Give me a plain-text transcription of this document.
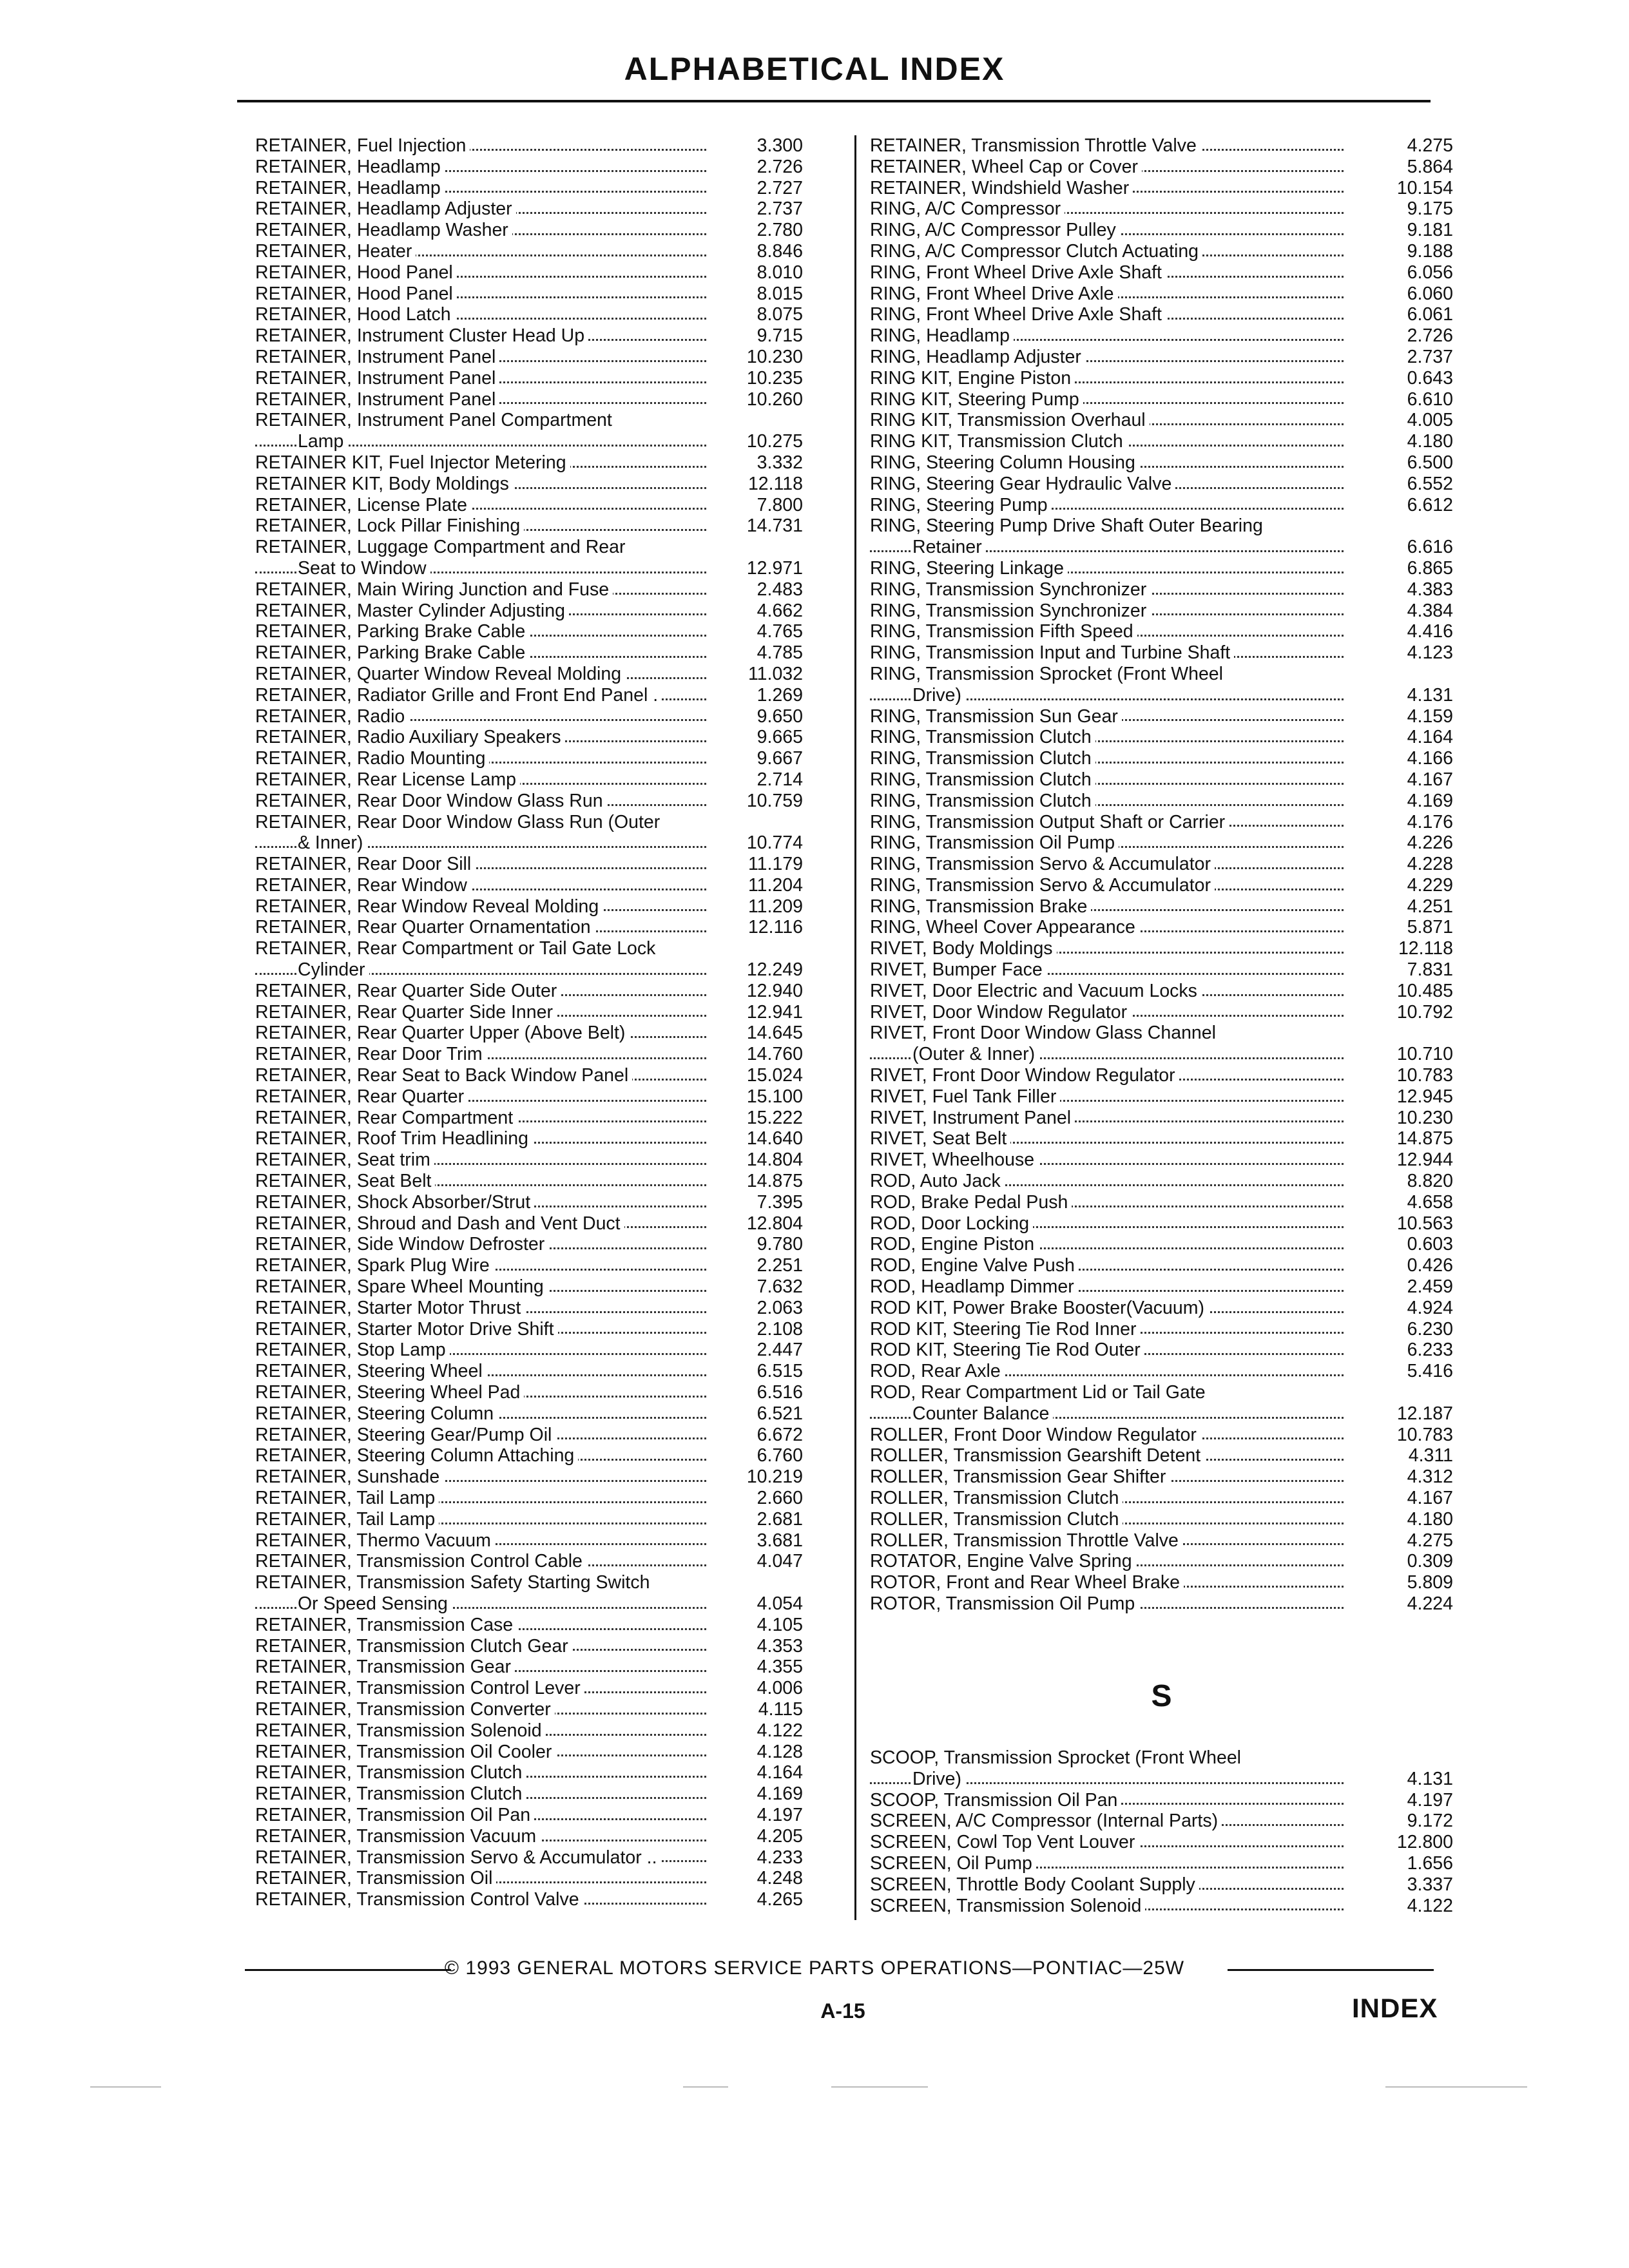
ALPHABETICAL INDEX
RETAINER, Fuel Injection	3.300
RETAINER, Headlamp	2.726
RETAINER, Headlamp	2.727
RETAINER, Headlamp Adjuster	2.737
RETAINER, Headlamp Washer	2.780
RETAINER, Heater	8.846
RETAINER, Hood Panel	8.010
RETAINER, Hood Panel	8.015
RETAINER, Hood Latch	8.075
RETAINER, Instrument Cluster Head Up	9.715
RETAINER, Instrument Panel	10.230
RETAINER, Instrument Panel	10.235
RETAINER, Instrument Panel	10.260
RETAINER, Instrument Panel Compartment
Lamp	10.275
RETAINER KIT, Fuel Injector Metering	3.332
RETAINER KIT, Body Moldings	12.118
RETAINER, License Plate	7.800
RETAINER, Lock Pillar Finishing	14.731
RETAINER, Luggage Compartment and Rear
Seat to Window	12.971
RETAINER, Main Wiring Junction and Fuse	2.483
RETAINER, Master Cylinder Adjusting	4.662
RETAINER, Parking Brake Cable	4.765
RETAINER, Parking Brake Cable	4.785
RETAINER, Quarter Window Reveal Molding	11.032
RETAINER, Radiator Grille and Front End Panel .	1.269
RETAINER, Radio	9.650
RETAINER, Radio Auxiliary Speakers	9.665
RETAINER, Radio Mounting	9.667
RETAINER, Rear License Lamp	2.714
RETAINER, Rear Door Window Glass Run	10.759
RETAINER, Rear Door Window Glass Run (Outer
& Inner)	10.774
RETAINER, Rear Door Sill	11.179
RETAINER, Rear Window	11.204
RETAINER, Rear Window Reveal Molding	11.209
RETAINER, Rear Quarter Ornamentation	12.116
RETAINER, Rear Compartment or Tail Gate Lock
Cylinder	12.249
RETAINER, Rear Quarter Side Outer	12.940
RETAINER, Rear Quarter Side Inner	12.941
RETAINER, Rear Quarter Upper (Above Belt)	14.645
RETAINER, Rear Door Trim	14.760
RETAINER, Rear Seat to Back Window Panel	15.024
RETAINER, Rear Quarter	15.100
RETAINER, Rear Compartment	15.222
RETAINER, Roof Trim Headlining	14.640
RETAINER, Seat trim	14.804
RETAINER, Seat Belt	14.875
RETAINER, Shock Absorber/Strut	7.395
RETAINER, Shroud and Dash and Vent Duct	12.804
RETAINER, Side Window Defroster	9.780
RETAINER, Spark Plug Wire	2.251
RETAINER, Spare Wheel Mounting	7.632
RETAINER, Starter Motor Thrust	2.063
RETAINER, Starter Motor Drive Shift	2.108
RETAINER, Stop Lamp	2.447
RETAINER, Steering Wheel	6.515
RETAINER, Steering Wheel Pad	6.516
RETAINER, Steering Column	6.521
RETAINER, Steering Gear/Pump Oil	6.672
RETAINER, Steering Column Attaching	6.760
RETAINER, Sunshade	10.219
RETAINER, Tail Lamp	2.660
RETAINER, Tail Lamp	2.681
RETAINER, Thermo Vacuum	3.681
RETAINER, Transmission Control Cable	4.047
RETAINER, Transmission Safety Starting Switch
Or Speed Sensing	4.054
RETAINER, Transmission Case	4.105
RETAINER, Transmission Clutch Gear	4.353
RETAINER, Transmission Gear	4.355
RETAINER, Transmission Control Lever	4.006
RETAINER, Transmission Converter	4.115
RETAINER, Transmission Solenoid	4.122
RETAINER, Transmission Oil Cooler	4.128
RETAINER, Transmission Clutch	4.164
RETAINER, Transmission Clutch	4.169
RETAINER, Transmission Oil Pan	4.197
RETAINER, Transmission Vacuum	4.205
RETAINER, Transmission Servo & Accumulator ..	4.233
RETAINER, Transmission Oil	4.248
RETAINER, Transmission Control Valve	4.265
RETAINER, Transmission Throttle Valve	4.275
RETAINER, Wheel Cap or Cover	5.864
RETAINER, Windshield Washer	10.154
RING, A/C Compressor	9.175
RING, A/C Compressor Pulley	9.181
RING, A/C Compressor Clutch Actuating	9.188
RING, Front Wheel Drive Axle Shaft	6.056
RING, Front Wheel Drive Axle	6.060
RING, Front Wheel Drive Axle Shaft	6.061
RING, Headlamp	2.726
RING, Headlamp Adjuster	2.737
RING KIT, Engine Piston	0.643
RING KIT, Steering Pump	6.610
RING KIT, Transmission Overhaul	4.005
RING KIT, Transmission Clutch	4.180
RING, Steering Column Housing	6.500
RING, Steering Gear Hydraulic Valve	6.552
RING, Steering Pump	6.612
RING, Steering Pump Drive Shaft Outer Bearing
Retainer	6.616
RING, Steering Linkage	6.865
RING, Transmission Synchronizer	4.383
RING, Transmission Synchronizer	4.384
RING, Transmission Fifth Speed	4.416
RING, Transmission Input and Turbine Shaft	4.123
RING, Transmission Sprocket (Front Wheel
Drive)	4.131
RING, Transmission Sun Gear	4.159
RING, Transmission Clutch	4.164
RING, Transmission Clutch	4.166
RING, Transmission Clutch	4.167
RING, Transmission Clutch	4.169
RING, Transmission Output Shaft or Carrier	4.176
RING, Transmission Oil Pump	4.226
RING, Transmission Servo & Accumulator	4.228
RING, Transmission Servo & Accumulator	4.229
RING, Transmission Brake	4.251
RING, Wheel Cover Appearance	5.871
RIVET, Body Moldings	12.118
RIVET, Bumper Face	7.831
RIVET, Door Electric and Vacuum Locks	10.485
RIVET, Door Window Regulator	10.792
RIVET, Front Door Window Glass Channel
(Outer & Inner)	10.710
RIVET, Front Door Window Regulator	10.783
RIVET, Fuel Tank Filler	12.945
RIVET, Instrument Panel	10.230
RIVET, Seat Belt	14.875
RIVET, Wheelhouse	12.944
ROD, Auto Jack	8.820
ROD, Brake Pedal Push	4.658
ROD, Door Locking	10.563
ROD, Engine Piston	0.603
ROD, Engine Valve Push	0.426
ROD, Headlamp Dimmer	2.459
ROD KIT, Power Brake Booster(Vacuum)	4.924
ROD KIT, Steering Tie Rod Inner	6.230
ROD KIT, Steering Tie Rod Outer	6.233
ROD, Rear Axle	5.416
ROD, Rear Compartment Lid or Tail Gate
Counter Balance	12.187
ROLLER, Front Door Window Regulator	10.783
ROLLER, Transmission Gearshift Detent	4.311
ROLLER, Transmission Gear Shifter	4.312
ROLLER, Transmission Clutch	4.167
ROLLER, Transmission Clutch	4.180
ROLLER, Transmission Throttle Valve	4.275
ROTATOR, Engine Valve Spring	0.309
ROTOR, Front and Rear Wheel Brake	5.809
ROTOR, Transmission Oil Pump	4.224
S
SCOOP, Transmission Sprocket (Front Wheel
Drive)	4.131
SCOOP, Transmission Oil Pan	4.197
SCREEN, A/C Compressor (Internal Parts)	9.172
SCREEN, Cowl Top Vent Louver	12.800
SCREEN, Oil Pump	1.656
SCREEN, Throttle Body Coolant Supply	3.337
SCREEN, Transmission Solenoid	4.122
© 1993 GENERAL MOTORS SERVICE PARTS OPERATIONS—PONTIAC—25W
A-15	INDEX
